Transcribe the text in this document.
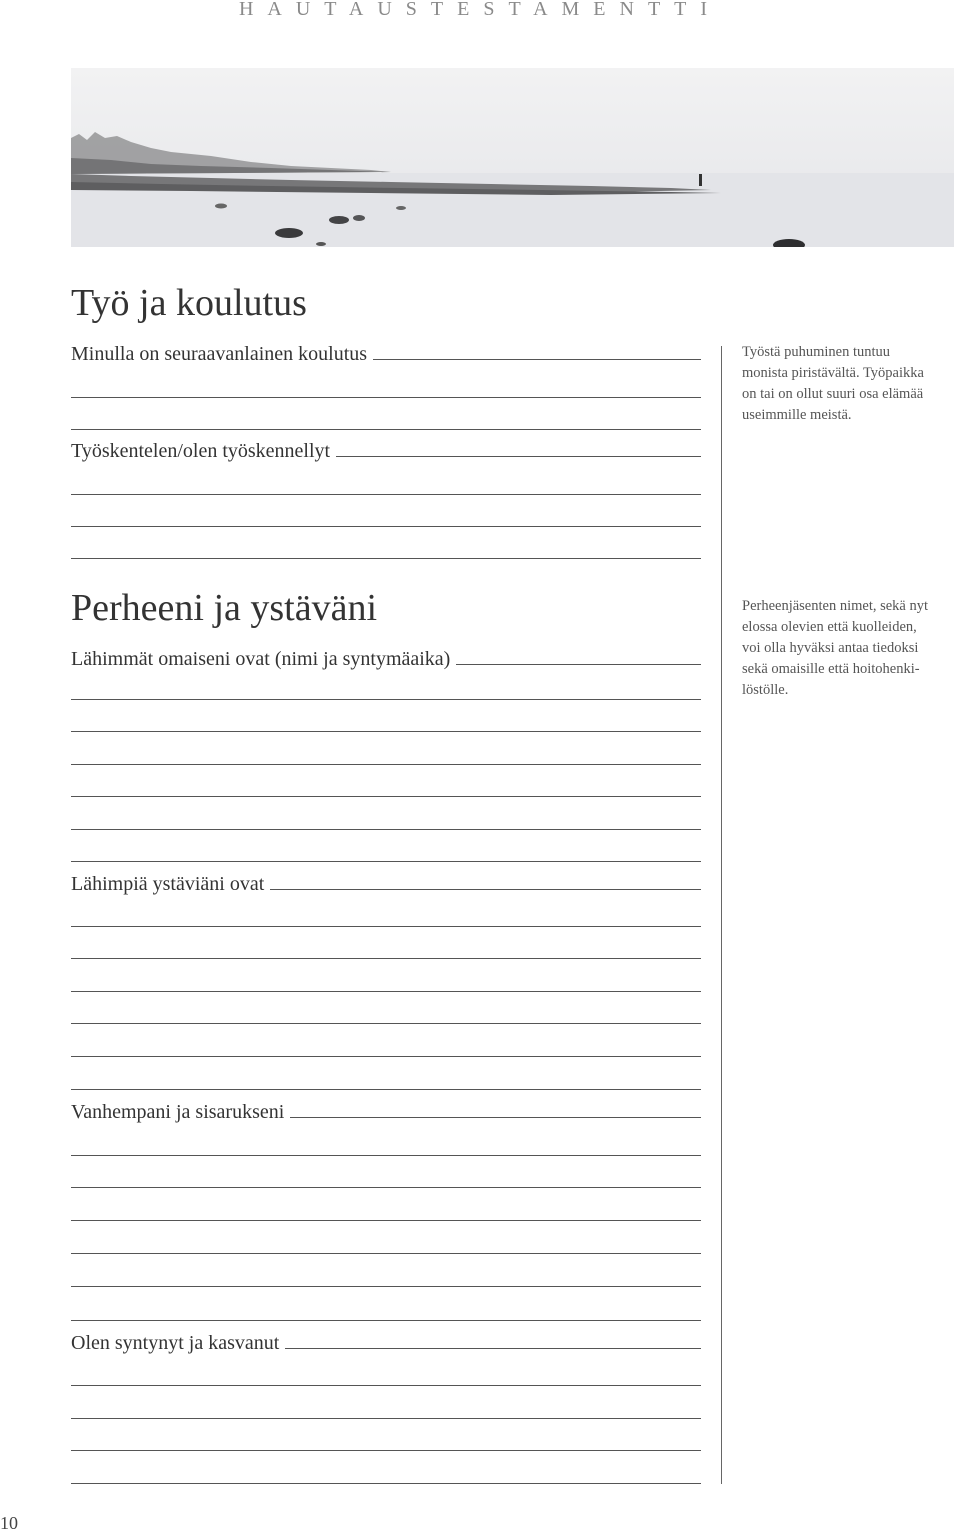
HAUTAUSTESTAMENTTI
Työ ja koulutus
Minulla on seuraavanlainen koulutus
Työskentelen/olen työskennellyt
Perheeni ja ystäväni
Lähimmät omaiseni ovat (nimi ja syntymäaika)
Lähimpiä ystäviäni ovat
Vanhempani ja sisarukseni
Olen syntynyt ja kasvanut
Työstä puhuminen tuntuu
monista piristävältä. Työpaikka
on tai on ollut suuri osa elämää
useimmille meistä.
Perheenjäsenten nimet, sekä nyt
elossa olevien että kuolleiden,
voi olla hyväksi antaa tiedoksi
sekä omaisille että hoitohenki-
löstölle.
10
